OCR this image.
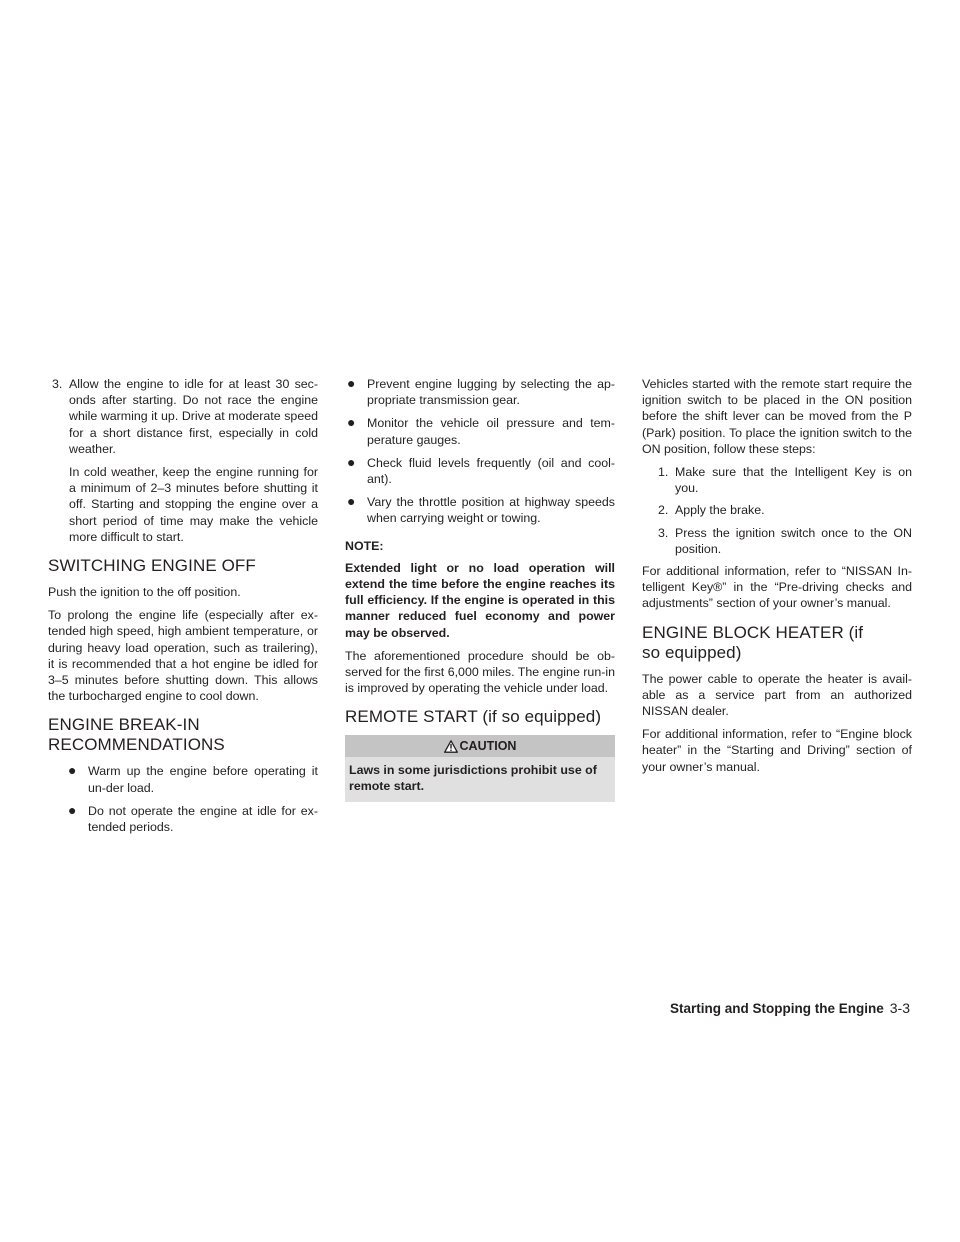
3. Allow the engine to idle for at least 30 sec-onds after starting. Do not race the engine while warming it up. Drive at moderate speed for a short distance first, especially in cold weather.

In cold weather, keep the engine running for a minimum of 2–3 minutes before shutting it off. Starting and stopping the engine over a short period of time may make the vehicle more difficult to start.

SWITCHING ENGINE OFF

Push the ignition to the off position.

To prolong the engine life (especially after ex-tended high speed, high ambient temperature, or during heavy load operation, such as trailering), it is recommended that a hot engine be idled for 3–5 minutes before shutting down. This allows the turbocharged engine to cool down.

ENGINE BREAK-IN RECOMMENDATIONS
● Warm up the engine before operating it un-der load.
● Do not operate the engine at idle for ex-tended periods.
● Prevent engine lugging by selecting the ap-propriate transmission gear.
● Monitor the vehicle oil pressure and tem-perature gauges.
● Check fluid levels frequently (oil and cool-ant).
● Vary the throttle position at highway speeds when carrying weight or towing.
NOTE:

Extended light or no load operation will extend the time before the engine reaches its full efficiency. If the engine is operated in this manner reduced fuel economy and power may be observed.

The aforementioned procedure should be ob-served for the first 6,000 miles. The engine run-in is improved by operating the vehicle under load.

REMOTE START (if so equipped)
CAUTION
Laws in some jurisdictions prohibit use of remote start.

Vehicles started with the remote start require the ignition switch to be placed in the ON position before the shift lever can be moved from the P (Park) position. To place the ignition switch to the ON position, follow these steps:

1. Make sure that the Intelligent Key is on you.
2. Apply the brake.
3. Press the ignition switch once to the ON position.

For additional information, refer to “NISSAN In-telligent Key®” in the “Pre-driving checks and adjustments” section of your owner’s manual.

ENGINE BLOCK HEATER (if so equipped)

The power cable to operate the heater is avail-able as a service part from an authorized NISSAN dealer.

For additional information, refer to “Engine block heater” in the “Starting and Driving” section of your owner’s manual.

Starting and Stopping the Engine 3-3
